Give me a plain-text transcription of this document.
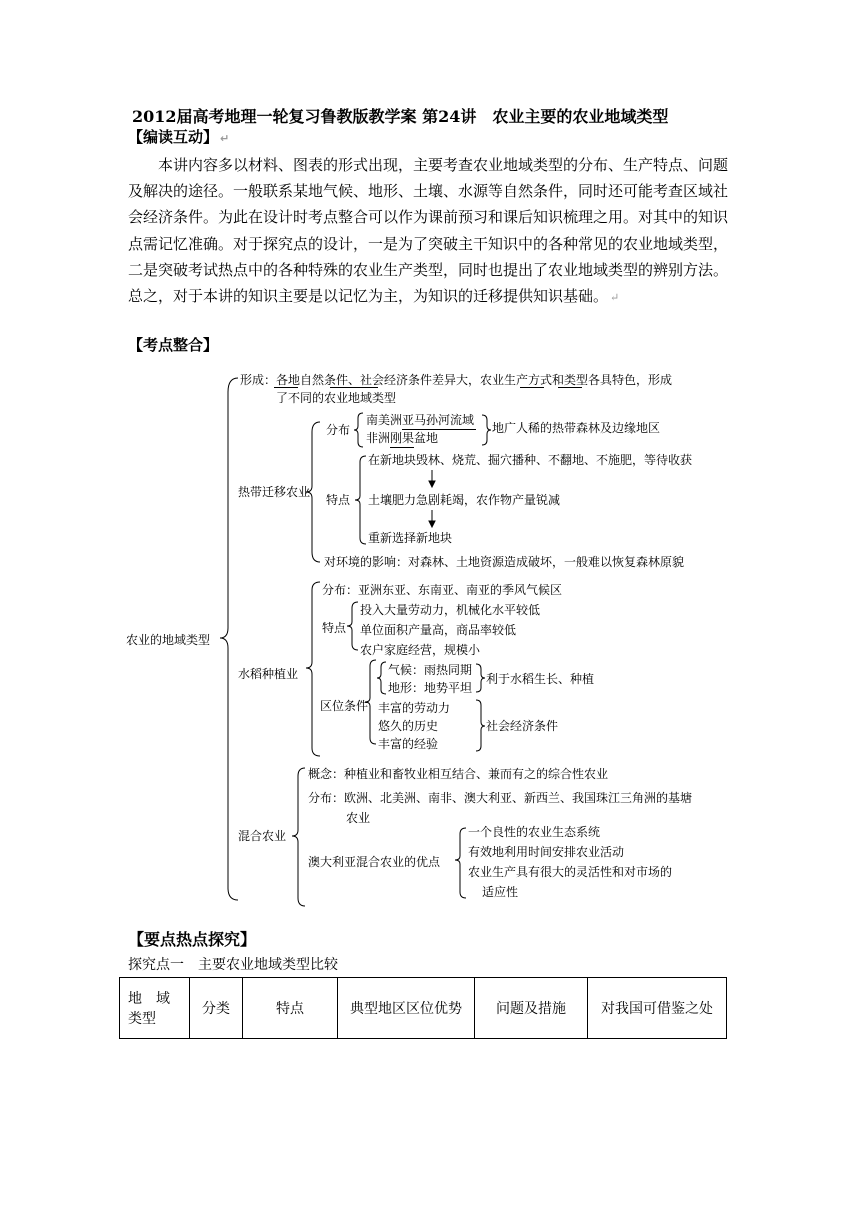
2012届高考地理一轮复习鲁教版教学案 第24讲　农业主要的农业地域类型
【编读互动】 ↵
本讲内容多以材料、图表的形式出现，主要考查农业地域类型的分布、生产特点、问题及解决的途径。一般联系某地气候、地形、土壤、水源等自然条件，同时还可能考查区域社会经济条件。为此在设计时考点整合可以作为课前预习和课后知识梳理之用。对其中的知识点需记忆准确。对于探究点的设计，一是为了突破主干知识中的各种常见的农业地域类型，二是突破考试热点中的各种特殊的农业生产类型，同时也提出了农业地域类型的辨别方法。总之，对于本讲的知识主要是以记忆为主，为知识的迁移提供知识基础。 ↵
【考点整合】
形成：各地自然条件、社会经济条件差异大，农业生产方式和类型各具特色，形成
了不同的农业地域类型
热带迁移农业
分布
南美洲亚马孙河流域
非洲刚果盆地
地广人稀的热带森林及边缘地区
特点
在新地块毁林、烧荒、掘穴播种、不翻地、不施肥，等待收获
土壤肥力急剧耗竭，农作物产量锐减
重新选择新地块
对环境的影响：对森林、土地资源造成破坏，一般难以恢复森林原貌
农业的地域类型
水稻种植业
分布：亚洲东亚、东南亚、南亚的季风气候区
特点
投入大量劳动力，机械化水平较低
单位面积产量高，商品率较低
农户家庭经营，规模小
区位条件
气候：雨热同期
地形：地势平坦
利于水稻生长、种植
丰富的劳动力
悠久的历史
丰富的经验
社会经济条件
混合农业
概念：种植业和畜牧业相互结合、兼而有之的综合性农业
分布：欧洲、北美洲、南非、澳大利亚、新西兰、我国珠江三角洲的基塘
农业
澳大利亚混合农业的优点
一个良性的农业生态系统
有效地利用时间安排农业活动
农业生产具有很大的灵活性和对市场的
适应性
【要点热点探究】
探究点一　主要农业地域类型比较
地　域
类型	分类	特点	典型地区区位优势	问题及措施	对我国可借鉴之处
